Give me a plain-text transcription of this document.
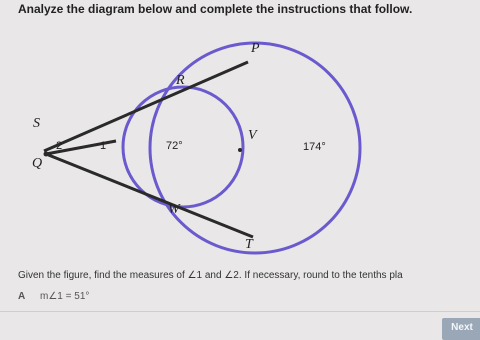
Analyze the diagram below and complete the instructions that follow.
P
R
S
Q
V
W
T
2	1	72°	174°
Given the figure, find the measures of ∠1 and ∠2. If necessary, round to the tenths pla
A m∠1 = 51°
Next
